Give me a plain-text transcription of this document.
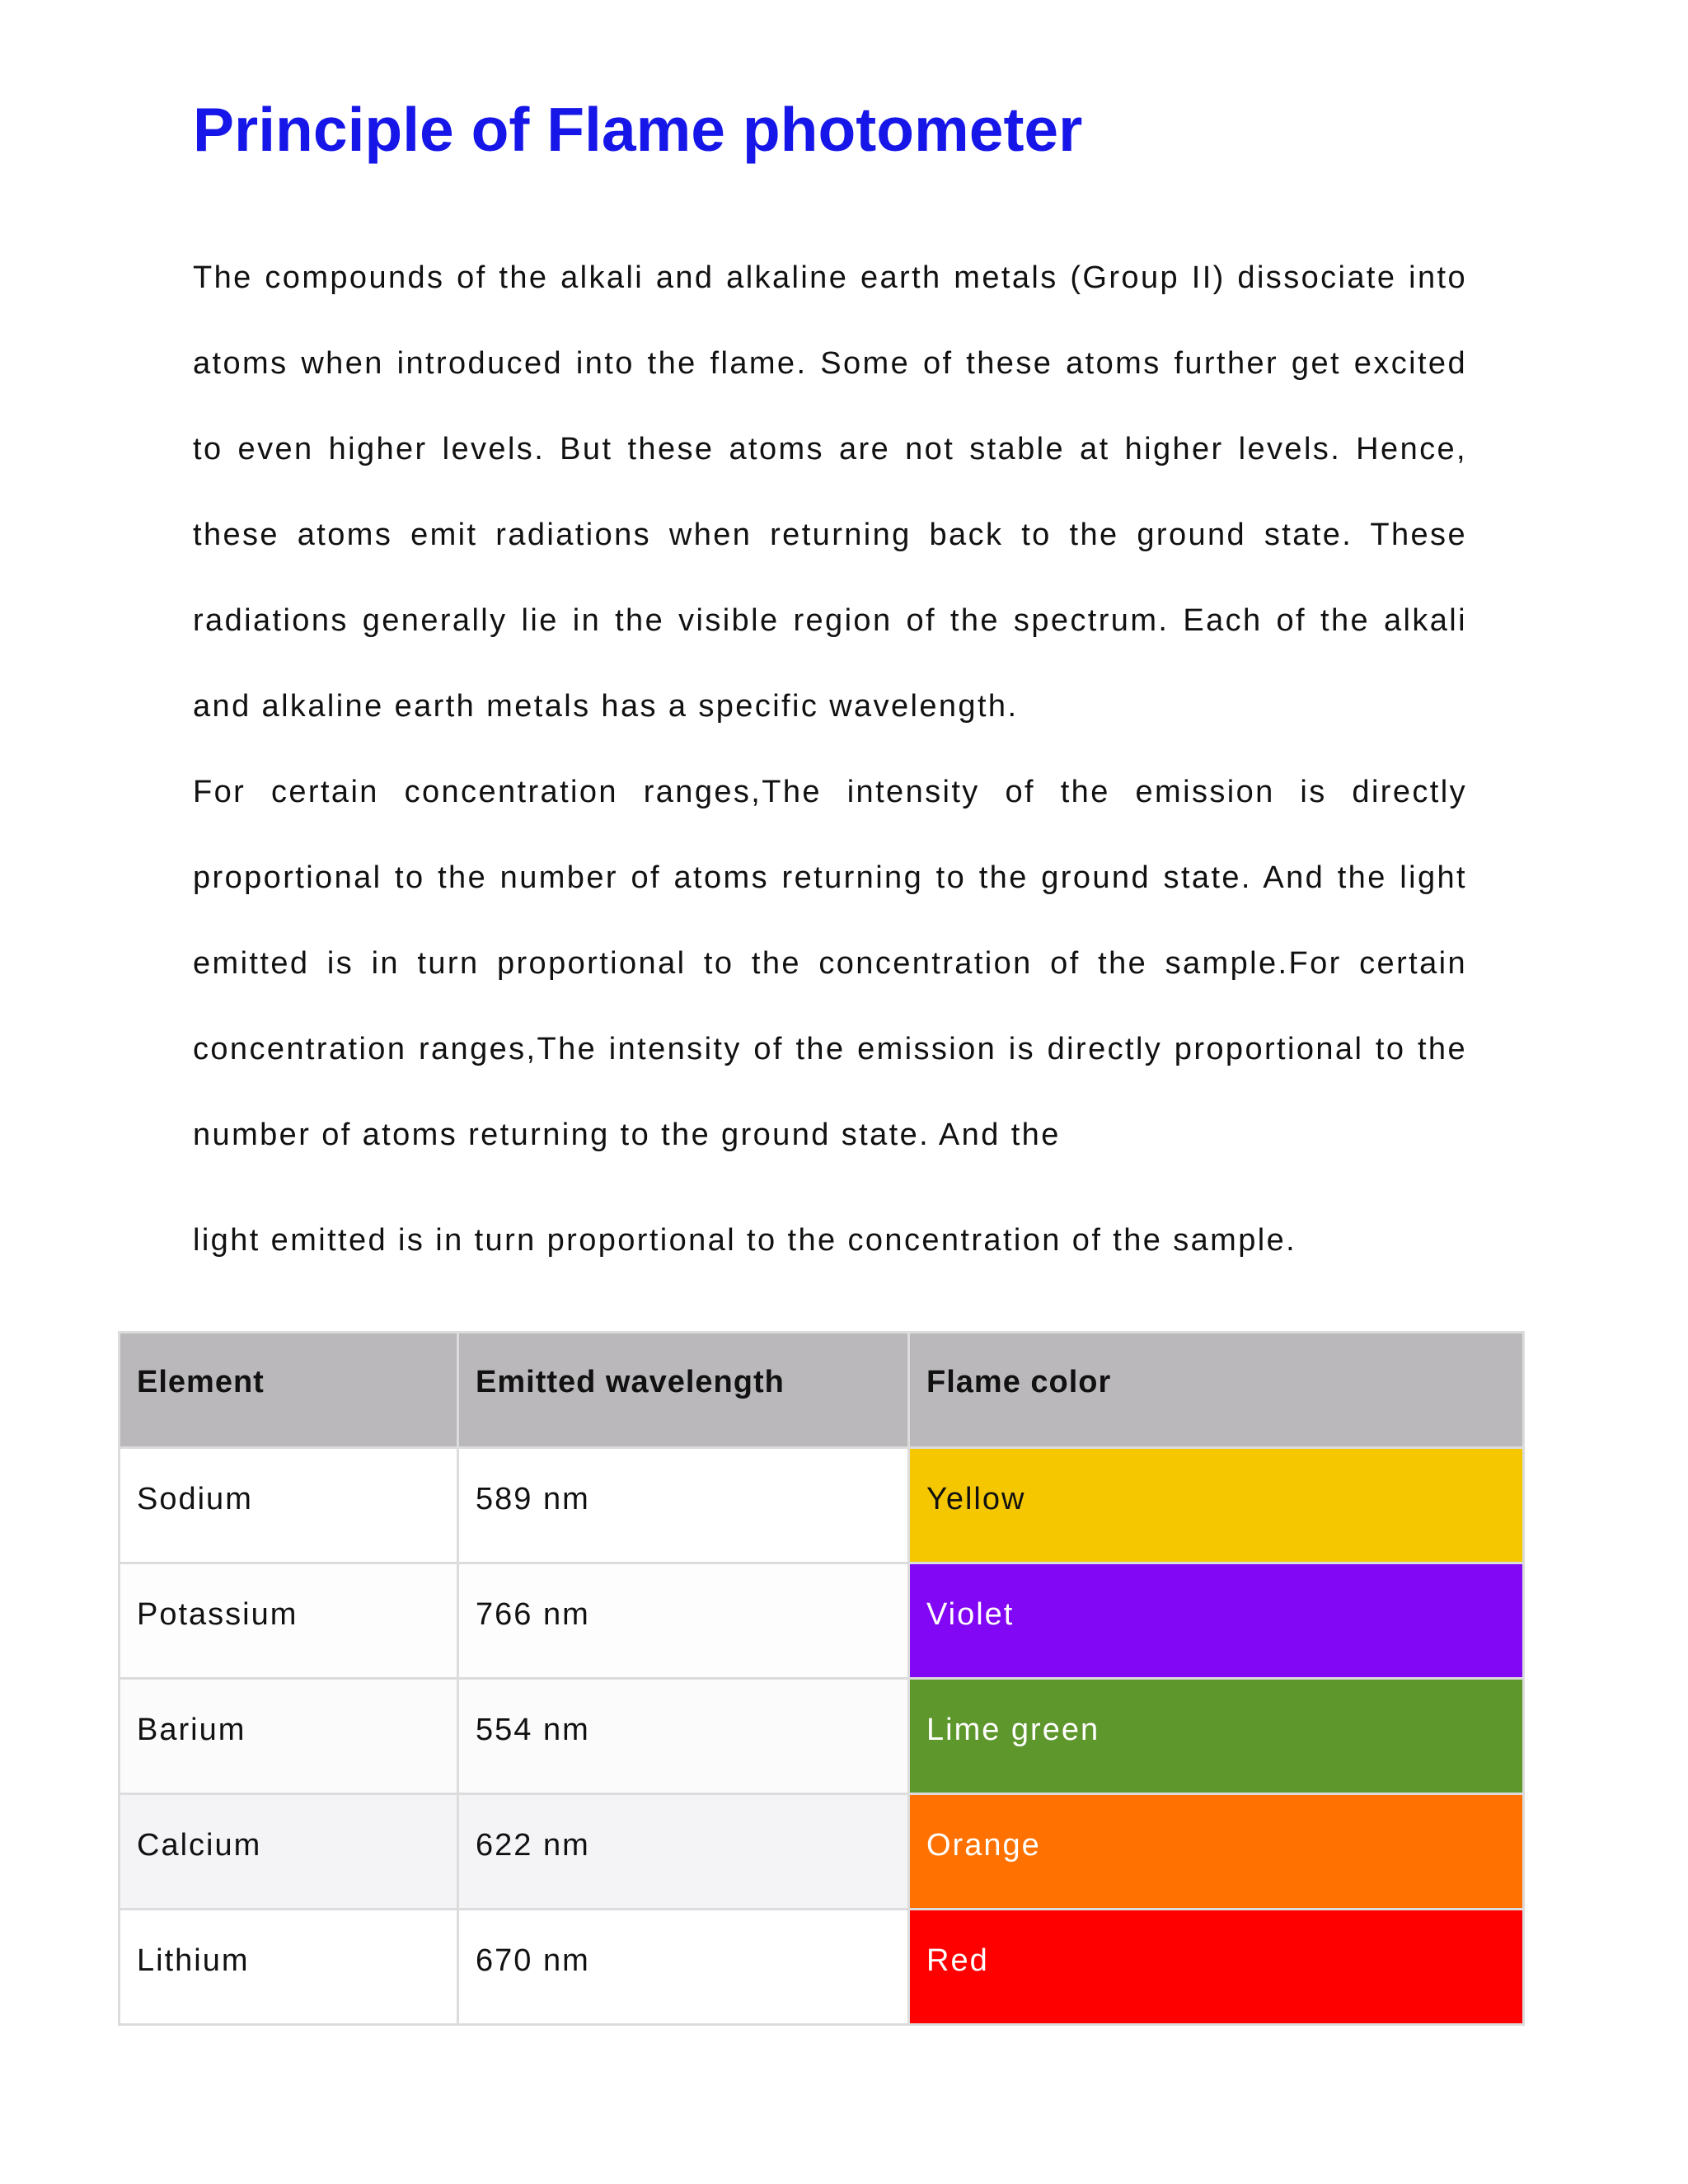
Principle of Flame photometer

The compounds of the alkali and alkaline earth metals (Group II) dissociate into atoms when introduced into the flame. Some of these atoms further get excited to even higher levels. But these atoms are not stable at higher levels. Hence, these atoms emit radiations when returning back to the ground state. These radiations generally lie in the visible region of the spectrum. Each of the alkali and alkaline earth metals has a specific wavelength.

For certain concentration ranges,The intensity of the emission is directly proportional to the number of atoms returning to the ground state. And the light emitted is in turn proportional to the concentration of the sample.For certain concentration ranges,The intensity of the emission is directly proportional to the number of atoms returning to the ground state. And the

light emitted is in turn proportional to the concentration of the sample.
Element	Emitted wavelength	Flame color
Sodium	589 nm	Yellow
Potassium	766 nm	Violet
Barium	554 nm	Lime green
Calcium	622 nm	Orange
Lithium	670 nm	Red
